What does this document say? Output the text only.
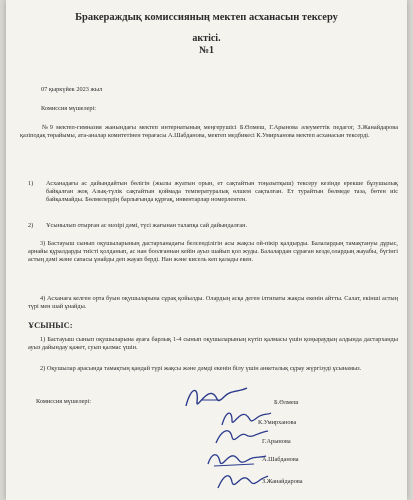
Бракераждық комиссияның мектеп асханасын тексеру
актісі.
№1
07 қыркүйек 2023 жыл
Комиссия мүшелері:
№9 мектеп-гимназия жанындағы мектеп интернатының меңгерушісі Б.Өлмеш, Г.Арынова әлеуметтік педагог, З.Жанайдарова қазіподақ төрайымы, ата-аналар комитетінен төрағасы А.Шабданова, мектеп медбикесі К.Умирханова мектеп асханасын тексерді.
1) Асханадағы ас дайындайтын бөлігін (жылы жуатын орын, ет сақтайтын тоңазытқыш) тексеру кезінде ерекше бұзушылық байқалған жоқ Азық-түлік сақтайтын қоймада температуралық өлшем сақталған. Ет турайтын бөлмеде таза, бөтен иіс байқалмайды. Бөлмелердің барлығында құрғақ, инвентарлар номерленген.
2) Ұсынылып отырған ас мәзірі дәмі, түсі жағынан талапқа сай дайындалған.
3) Бастауыш сынып оқушыларының дастарханадағы белсенділігін асы жақсы ой-пікір қалдырды. Балалардың тамақтануы дұрыс, арнайы құралдарды тиісті қолданып, ас нан боолғаннан кейін ауыз шайып қол жуды. Балалардан сұраған кезде,олардың жауабы, бүгінгі астың дәмі және сапасы ұнайды деп жауап берді. Нан және кисель кеп қалады екен.
4) Асханаға келген орта буын оқушыларына сұрақ қойылды. Олардың асқа деген ілтипаты жақсы екенін айтты. Салат, екінші астың түрі мен шай ұнайды.
ҰСЫНЫС:
1) Бастауыш сынып оқушыларына ауаға барлық 1-4 сынып оқушыларының күтіп қалмасы үшін қоңыраудың алдында дастарханды ауыз дайындау қажет, суып қалмас үшін.
2) Оқушылар арасында тамақтың қандай түрі жақсы және дәмді екенін білу үшін анкеталық сұрау жүргізуді ұсынамыз.
Комиссия мүшелері:	Б.Өлмеш
К.Умирханова
Г.Арынова
А.Шабданова
З.Жанайдарова
